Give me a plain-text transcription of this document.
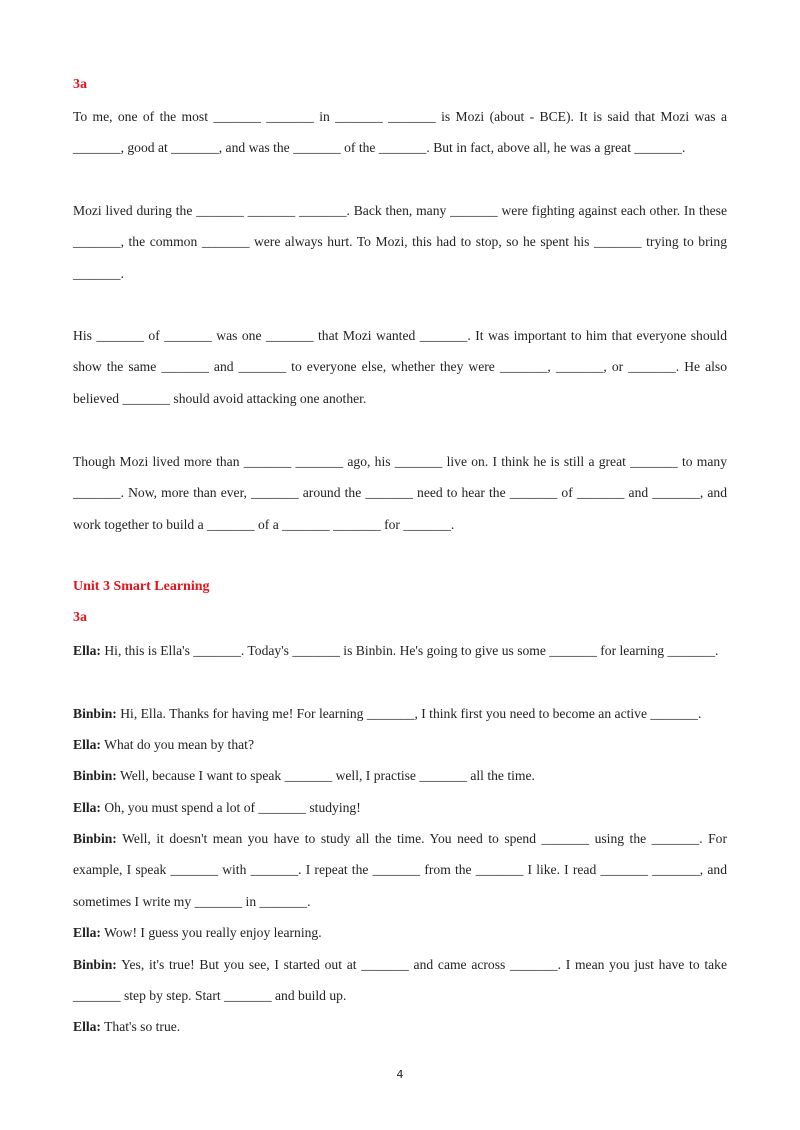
3a

To me, one of the most _______ _______ in _______ _______ is Mozi (about - BCE). It is said that Mozi was a _______, good at _______, and was the _______ of the _______. But in fact, above all, he was a great _______.

Mozi lived during the _______ _______ _______. Back then, many _______ were fighting against each other. In these _______, the common _______ were always hurt. To Mozi, this had to stop, so he spent his _______ trying to bring _______.

His _______ of _______ was one _______ that Mozi wanted _______. It was important to him that everyone should show the same _______ and _______ to everyone else, whether they were _______, _______, or _______. He also believed _______ should avoid attacking one another.

Though Mozi lived more than _______ _______ ago, his _______ live on. I think he is still a great _______ to many _______. Now, more than ever, _______ around the _______ need to hear the _______ of _______ and _______, and work together to build a _______ of a _______ _______ for _______.

Unit 3 Smart Learning
3a

Ella: Hi, this is Ella's _______. Today's _______ is Binbin. He's going to give us some _______ for learning _______.

Binbin: Hi, Ella. Thanks for having me! For learning _______, I think first you need to become an active _______.

Ella: What do you mean by that?

Binbin: Well, because I want to speak _______ well, I practise _______ all the time.

Ella: Oh, you must spend a lot of _______ studying!

Binbin: Well, it doesn't mean you have to study all the time. You need to spend _______ using the _______. For example, I speak _______ with _______. I repeat the _______ from the _______ I like. I read _______ _______, and sometimes I write my _______ in _______.

Ella: Wow! I guess you really enjoy learning.

Binbin: Yes, it's true! But you see, I started out at _______ and came across _______. I mean you just have to take _______ step by step. Start _______ and build up.

Ella: That's so true.

4
